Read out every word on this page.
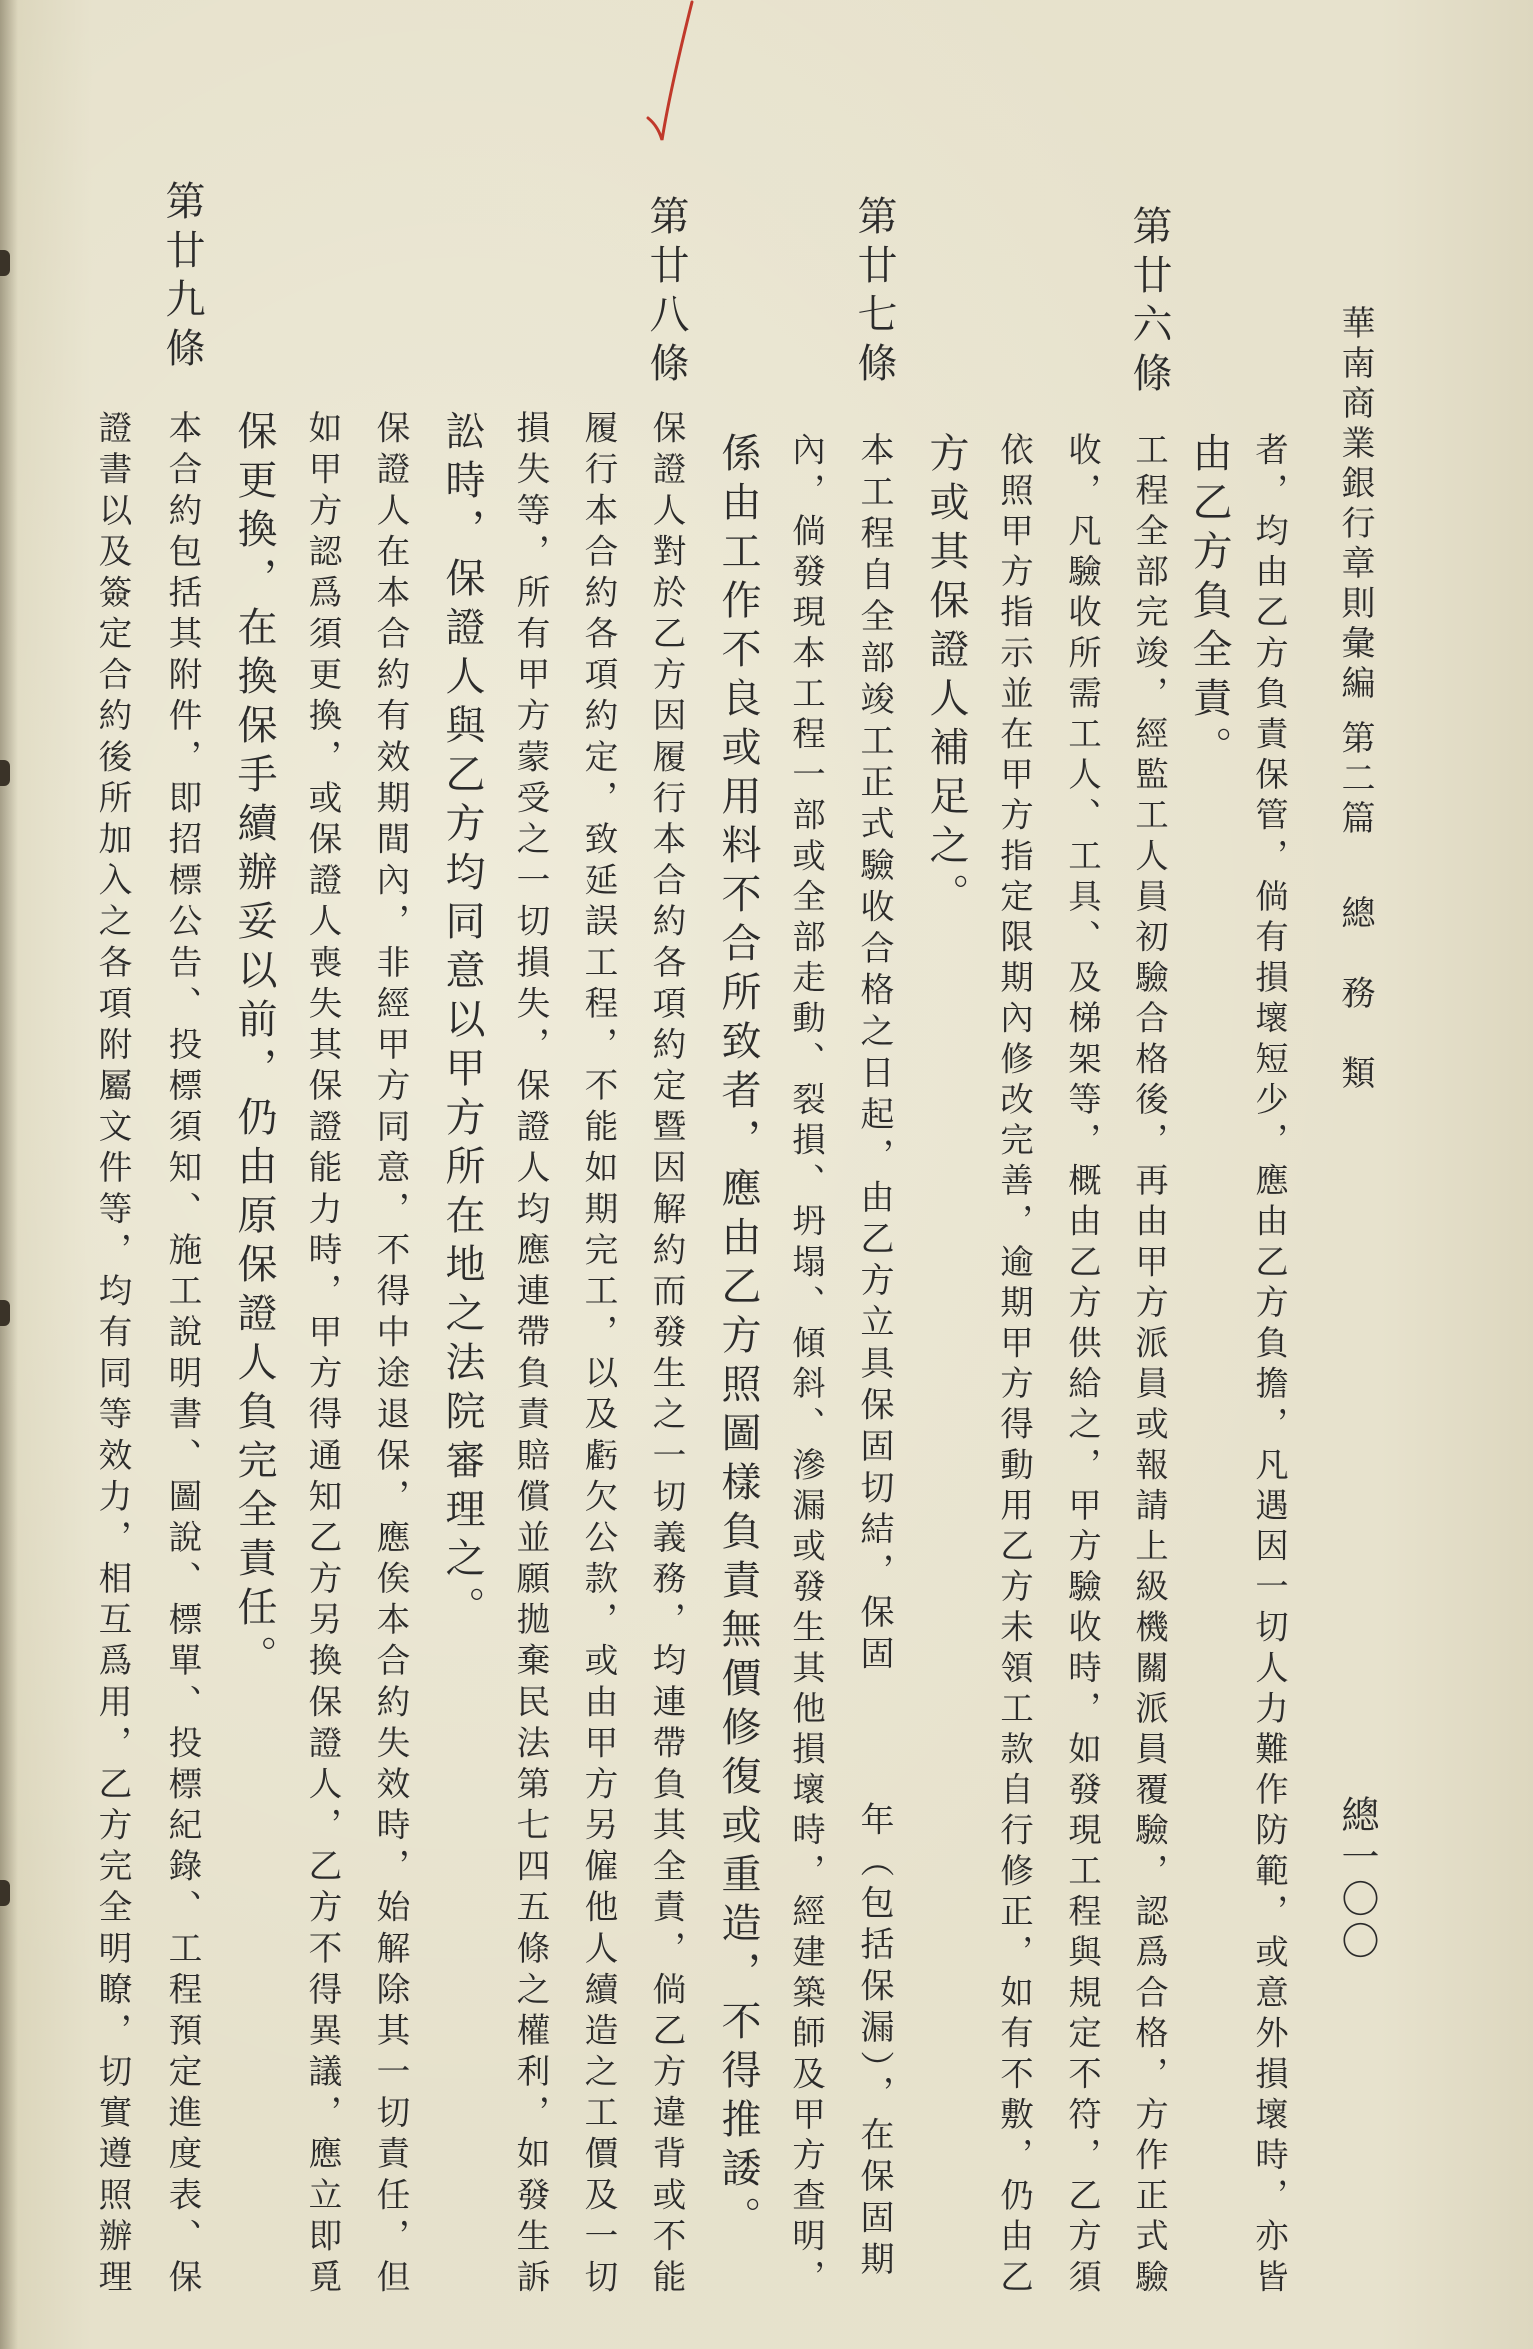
華南商業銀行章則彙編
第二篇
總　務　類
總一〇〇
者，均由乙方負責保管，倘有損壞短少，應由乙方負擔，凡遇因一切人力難作防範，或意外損壞時，亦皆
由乙方負全責。
第廿六條
工程全部完竣，經監工人員初驗合格後，再由甲方派員或報請上級機關派員覆驗，認爲合格，方作正式驗
收，凡驗收所需工人、工具、及梯架等，概由乙方供給之，甲方驗收時，如發現工程與規定不符，乙方須
依照甲方指示並在甲方指定限期內修改完善，逾期甲方得動用乙方未領工款自行修正，如有不敷，仍由乙
方或其保證人補足之。
第廿七條
本工程自全部竣工正式驗收合格之日起，由乙方立具保固切結，保固　　　年（包括保漏），在保固期
內，倘發現本工程一部或全部走動、裂損、坍塌、傾斜、滲漏或發生其他損壞時，經建築師及甲方查明，
係由工作不良或用料不合所致者，應由乙方照圖樣負責無價修復或重造，不得推諉。
第廿八條
保證人對於乙方因履行本合約各項約定暨因解約而發生之一切義務，均連帶負其全責，倘乙方違背或不能
履行本合約各項約定，致延誤工程，不能如期完工，以及虧欠公款，或由甲方另僱他人續造之工價及一切
損失等，所有甲方蒙受之一切損失，保證人均應連帶負責賠償並願拋棄民法第七四五條之權利，如發生訴
訟時，保證人與乙方均同意以甲方所在地之法院審理之。
保證人在本合約有效期間內，非經甲方同意，不得中途退保，應俟本合約失效時，始解除其一切責任，但
如甲方認爲須更換，或保證人喪失其保證能力時，甲方得通知乙方另換保證人，乙方不得異議，應立即覓
保更換，在換保手續辦妥以前，仍由原保證人負完全責任。
第廿九條
本合約包括其附件，即招標公告、投標須知、施工說明書、圖說、標單、投標紀錄、工程預定進度表、保
證書以及簽定合約後所加入之各項附屬文件等，均有同等效力，相互爲用，乙方完全明瞭，切實遵照辦理
